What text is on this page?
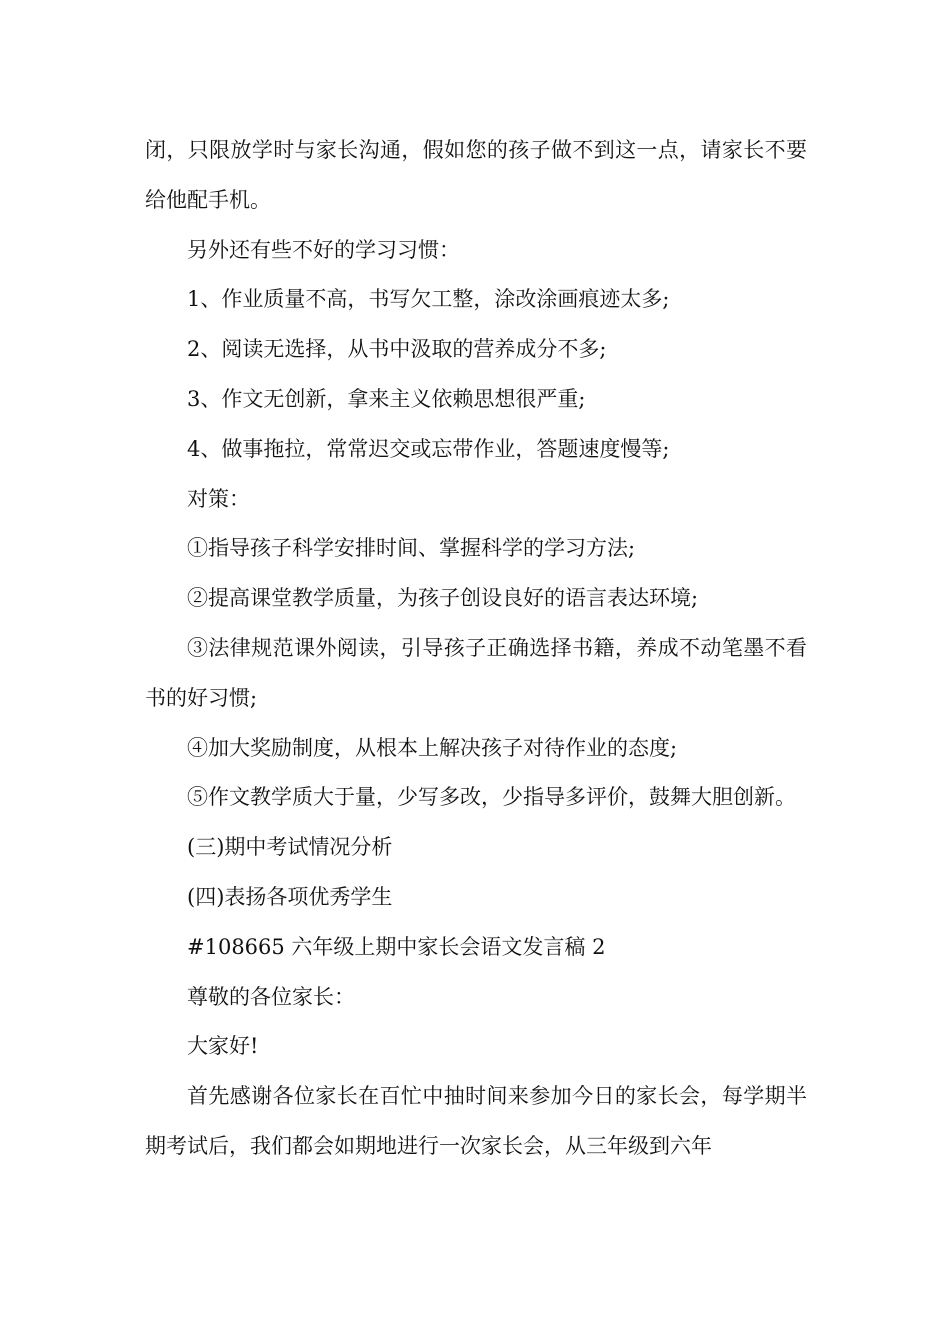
闭，只限放学时与家长沟通，假如您的孩子做不到这一点，请家长不要给他配手机。

另外还有些不好的学习习惯：

1、作业质量不高，书写欠工整，涂改涂画痕迹太多;

2、阅读无选择，从书中汲取的营养成分不多;

3、作文无创新，拿来主义依赖思想很严重;

4、做事拖拉，常常迟交或忘带作业，答题速度慢等;

对策：

①指导孩子科学安排时间、掌握科学的学习方法;

②提高课堂教学质量，为孩子创设良好的语言表达环境;

③法律规范课外阅读，引导孩子正确选择书籍，养成不动笔墨不看书的好习惯;

④加大奖励制度，从根本上解决孩子对待作业的态度;

⑤作文教学质大于量，少写多改，少指导多评价，鼓舞大胆创新。

(三)期中考试情况分析

(四)表扬各项优秀学生

#108665 六年级上期中家长会语文发言稿 2

尊敬的各位家长：

大家好!

首先感谢各位家长在百忙中抽时间来参加今日的家长会，每学期半期考试后，我们都会如期地进行一次家长会，从三年级到六年
